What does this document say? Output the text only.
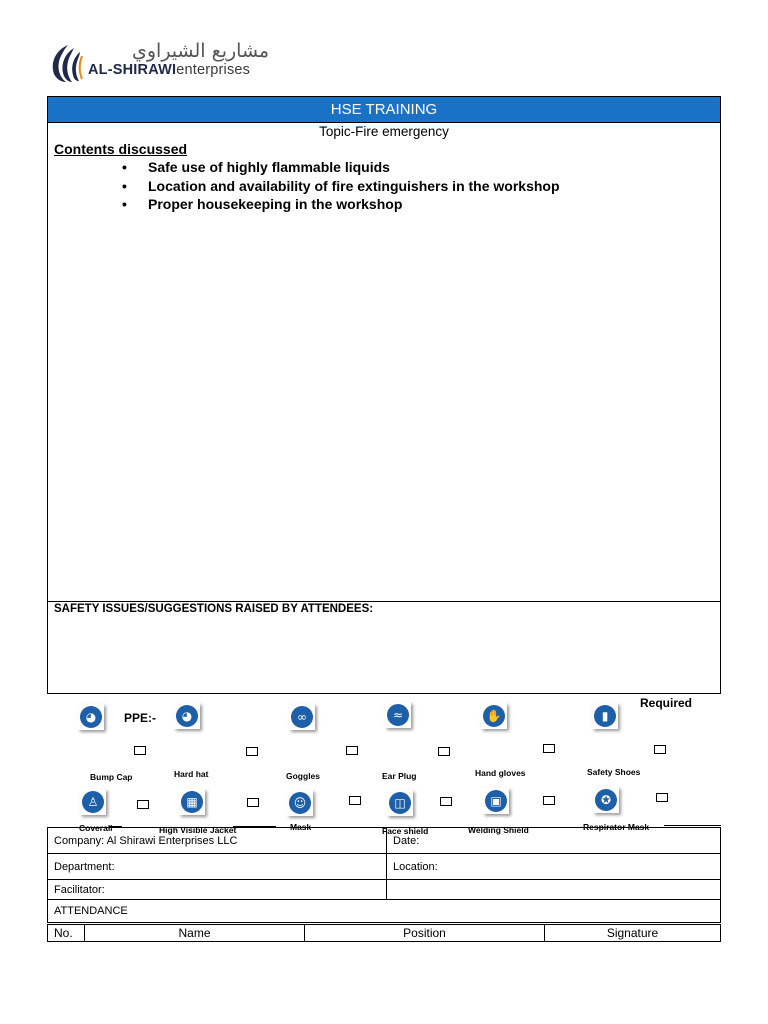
مشاريع الشيراوي
AL-SHIRAWIenterprises
HSE TRAINING
Topic-Fire emergency
Contents discussed
• Safe use of highly flammable liquids
• Location and availability of fire extinguishers in the workshop
• Proper housekeeping in the workshop
SAFETY ISSUES/SUGGESTIONS RAISED BY ATTENDEES:
PPE:-
Required
◕	◕	∞	≈	✋	▮
Bump Cap	Hard hat	Goggles	Ear Plug	Hand gloves	Safety Shoes
♙	▦	☺	◫	▣	✪
Coverall	High Visible Jacket	Mask	Face shield	Welding Shield	Respirator Mask
Company: Al Shirawi Enterprises LLC	Date:
Department:	Location:
Facilitator:
ATTENDANCE
No.	Name	Position	Signature
